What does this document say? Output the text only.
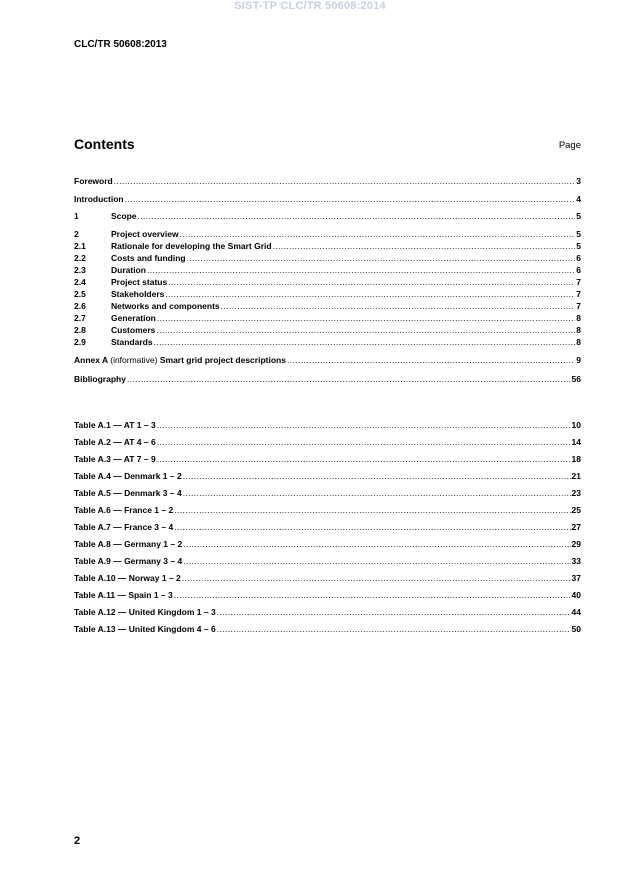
SIST-TP CLC/TR 50608:2014
CLC/TR 50608:2013
Contents	Page
Foreword .....	3
Introduction .....	4
1	Scope .....	5
2	Project overview .....	5
2.1	Rationale for developing the Smart Grid .....	5
2.2	Costs and funding .....	6
2.3	Duration .....	6
2.4	Project status .....	7
2.5	Stakeholders .....	7
2.6	Networks and components .....	7
2.7	Generation .....	8
2.8	Customers .....	8
2.9	Standards .....	8
Annex A (informative) Smart grid project descriptions .....	9
Bibliography .....	56
Table A.1 — AT 1 – 3 .....	10
Table A.2 — AT 4 – 6 .....	14
Table A.3 — AT 7 – 9 .....	18
Table A.4 — Denmark 1 – 2 .....	21
Table A.5 — Denmark 3 – 4 .....	23
Table A.6 — France 1 – 2 .....	25
Table A.7 — France 3 – 4 .....	27
Table A.8 — Germany 1 – 2 .....	29
Table A.9 — Germany 3 – 4 .....	33
Table A.10 — Norway 1 – 2 .....	37
Table A.11 — Spain 1 – 3 .....	40
Table A.12 — United Kingdom 1 – 3 .....	44
Table A.13 — United Kingdom 4 – 6 .....	50
2
